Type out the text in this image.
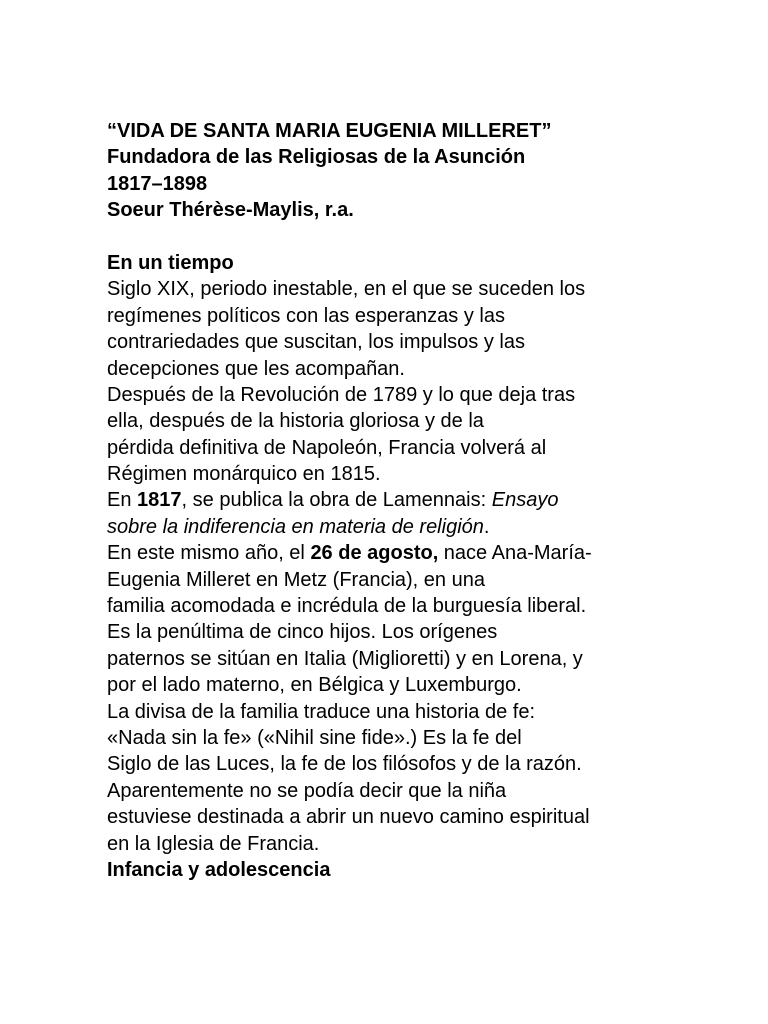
“VIDA DE SANTA MARIA EUGENIA MILLERET”
Fundadora de las Religiosas de la Asunción
1817–1898
Soeur Thérèse-Maylis, r.a.
En un tiempo
Siglo XIX, periodo inestable, en el que se suceden los
regímenes políticos con las esperanzas y las
contrariedades que suscitan, los impulsos y las
decepciones que les acompañan.
Después de la Revolución de 1789 y lo que deja tras
ella, después de la historia gloriosa y de la
pérdida definitiva de Napoleón, Francia volverá al
Régimen monárquico en 1815.
En 1817, se publica la obra de Lamennais: Ensayo
sobre la indiferencia en materia de religión.
En este mismo año, el 26 de agosto, nace Ana-María-
Eugenia Milleret en Metz (Francia), en una
familia acomodada e incrédula de la burguesía liberal.
Es la penúltima de cinco hijos. Los orígenes
paternos se sitúan en Italia (Miglioretti) y en Lorena, y
por el lado materno, en Bélgica y Luxemburgo.
La divisa de la familia traduce una historia de fe:
«Nada sin la fe» («Nihil sine fide».) Es la fe del
Siglo de las Luces, la fe de los filósofos y de la razón.
Aparentemente no se podía decir que la niña
estuviese destinada a abrir un nuevo camino espiritual
en la Iglesia de Francia.
Infancia y adolescencia
